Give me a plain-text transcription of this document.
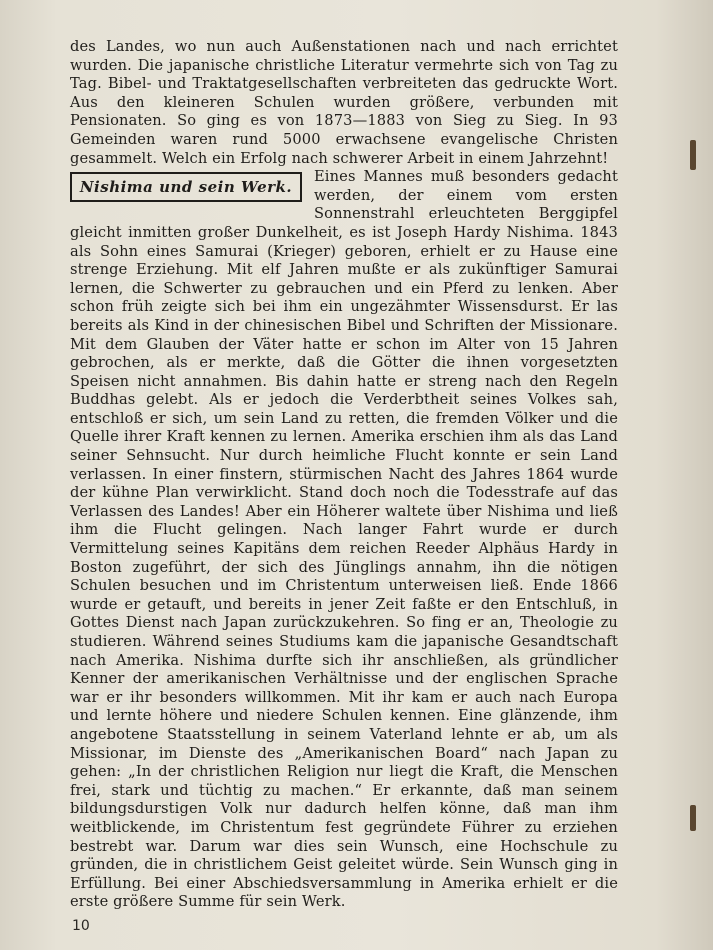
des Landes, wo nun auch Außenstationen nach und nach errichtet wurden. Die japanische christliche Literatur vermehrte sich von Tag zu Tag. Bibel- und Traktatgesellschaften verbreiteten das gedruckte Wort. Aus den kleineren Schulen wurden größere, verbunden mit Pensionaten. So ging es von 1873—1883 von Sieg zu Sieg. In 93 Gemeinden waren rund 5000 erwachsene evangelische Christen gesammelt. Welch ein Erfolg nach schwerer Arbeit in einem Jahrzehnt!

Nishima und sein Werk.

Eines Mannes muß besonders gedacht werden, der einem vom ersten Sonnenstrahl erleuchteten Berggipfel gleicht inmitten großer Dunkelheit, es ist Joseph Hardy Nishima. 1843 als Sohn eines Samurai (Krieger) geboren, erhielt er zu Hause eine strenge Erziehung. Mit elf Jahren mußte er als zukünftiger Samurai lernen, die Schwerter zu gebrauchen und ein Pferd zu lenken. Aber schon früh zeigte sich bei ihm ein ungezähmter Wissensdurst. Er las bereits als Kind in der chinesischen Bibel und Schriften der Missionare. Mit dem Glauben der Väter hatte er schon im Alter von 15 Jahren gebrochen, als er merkte, daß die Götter die ihnen vorgesetzten Speisen nicht annahmen. Bis dahin hatte er streng nach den Regeln Buddhas gelebt. Als er jedoch die Verderbtheit seines Volkes sah, entschloß er sich, um sein Land zu retten, die fremden Völker und die Quelle ihrer Kraft kennen zu lernen. Amerika erschien ihm als das Land seiner Sehnsucht. Nur durch heimliche Flucht konnte er sein Land verlassen. In einer finstern, stürmischen Nacht des Jahres 1864 wurde der kühne Plan verwirklicht. Stand doch noch die Todesstrafe auf das Verlassen des Landes! Aber ein Höherer waltete über Nishima und ließ ihm die Flucht gelingen. Nach langer Fahrt wurde er durch Vermittelung seines Kapitäns dem reichen Reeder Alphäus Hardy in Boston zugeführt, der sich des Jünglings annahm, ihn die nötigen Schulen besuchen und im Christentum unterweisen ließ. Ende 1866 wurde er getauft, und bereits in jener Zeit faßte er den Entschluß, in Gottes Dienst nach Japan zurückzukehren. So fing er an, Theologie zu studieren. Während seines Studiums kam die japanische Gesandtschaft nach Amerika. Nishima durfte sich ihr anschließen, als gründlicher Kenner der amerikanischen Verhältnisse und der englischen Sprache war er ihr besonders willkommen. Mit ihr kam er auch nach Europa und lernte höhere und niedere Schulen kennen. Eine glänzende, ihm angebotene Staatsstellung in seinem Vaterland lehnte er ab, um als Missionar, im Dienste des „Amerikanischen Board“ nach Japan zu gehen: „In der christlichen Religion nur liegt die Kraft, die Menschen frei, stark und tüchtig zu machen.“ Er erkannte, daß man seinem bildungsdurstigen Volk nur dadurch helfen könne, daß man ihm weitblickende, im Christentum fest gegründete Führer zu erziehen bestrebt war. Darum war dies sein Wunsch, eine Hochschule zu gründen, die in christlichem Geist geleitet würde. Sein Wunsch ging in Erfüllung. Bei einer Abschiedsversammlung in Amerika erhielt er die erste größere Summe für sein Werk.

10
